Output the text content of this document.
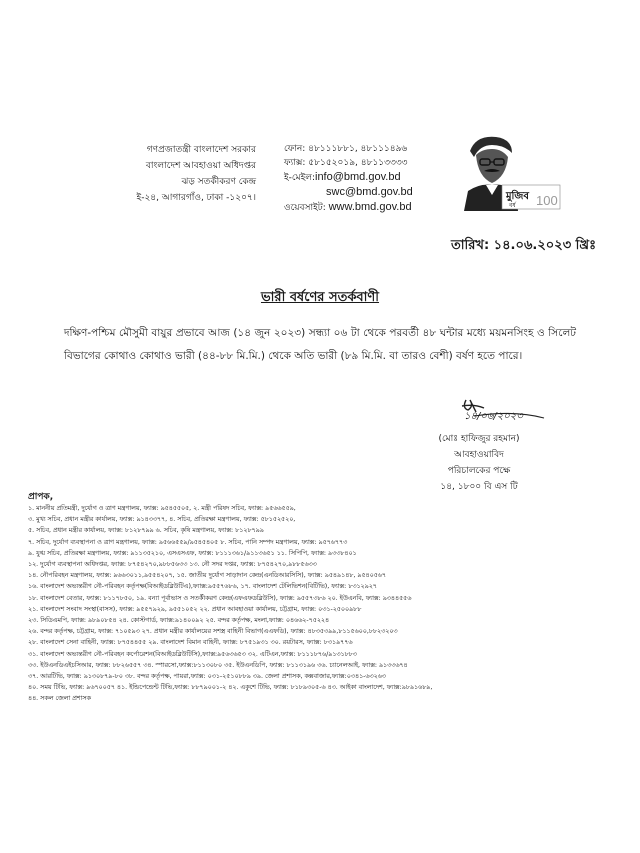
গণপ্রজাতন্ত্রী বাংলাদেশ সরকার
বাংলাদেশ আবহাওয়া অধিদপ্তর
ঝড় সতর্কীকরণ কেন্দ্র
ই-২৪, আগারগাঁও, ঢাকা -১২০৭।
ফোন: ৪৮১১১৮৮১, ৪৮১১১৪৯৬
ফ্যাক্স: ৫৮১৫২০১৯, ৪৮১১৩৩৩৩
ই-মেইল:info@bmd.gov.bd
swc@bmd.gov.bd
ওয়েবসাইট: www.bmd.gov.bd
মুজিব
বর্ষ 100
তারিখ: ১৪.০৬.২০২৩ খ্রিঃ
ভারী বর্ষণের সতর্কবাণী
দক্ষিণ-পশ্চিম মৌসুমী বায়ুর প্রভাবে আজ (১৪ জুন ২০২৩) সন্ধ্যা ০৬ টা থেকে পরবর্তী ৪৮ ঘন্টার মধ্যে ময়মনসিংহ ও সিলেট বিভাগের কোথাও কোথাও ভারী (৪৪-৮৮ মি.মি.) থেকে অতি ভারী (৮৯ মি.মি. বা তারও বেশী) বর্ষণ হতে পারে।
১৪/০৬/২০২৩
(মোঃ হাফিজুর রহমান)
আবহাওয়াবিদ
পরিচালকের পক্ষে
১৪, ১৮০০ বি এস টি
প্রাপক,
১. মাননীয় প্রতিমন্ত্রী, দুর্যোগ ও ত্রাণ মন্ত্রণালয়, ফ্যাক্স: ৯৫৪৫৫০৫, ২. মন্ত্রী পরিষদ সচিব, ফ্যাক্স: ৯৫৬৬৫৫৯,
৩. মুখ্য সচিব, প্রধান মন্ত্রীর কার্যালয়, ফ্যাক্স: ৯১৪৩৩৭৭, ৪. সচিব, প্রতিরক্ষা মন্ত্রণালয়, ফ্যাক্স: ৫৮১৫২৫২০,
৫. সচিব, প্রধান মন্ত্রীর কার্যালয়, ফ্যাক্স: ৮১২৮৭৯৯ ৬. সচিব, কৃষি মন্ত্রণালয়, ফ্যাক্স: ৮১২৮৭৯৯
৭. সচিব, দুর্যোগ ব্যবস্থাপনা ও ত্রাণ মন্ত্রণালয়, ফ্যাক্স: ৯৫৬৬৫৫৯/৯৫৪৫৪০৫ ৮. সচিব, পানি সম্পদ মন্ত্রণালয়, ফ্যাক্স: ৯৫৭৬৭৭৩
৯. যুগ্ম সচিব, প্রতিরক্ষা মন্ত্রণালয়, ফ্যাক্স: ৯১১৩৫২১০, এসএসএফ, ফ্যাক্স: ৮১১১৩৬১/৯১১৩৬৫১ ১১. সিপিপি, ফ্যাক্স: ৯৩৩৮৪০১
১২. দুর্যোগ ব্যবস্থাপনা অধিদপ্তর, ফ্যাক্স: ৮৭৫৪২৭০,৯৮৮৫৬৩৩ ১৩. নৌ সদর দপ্তর, ফ্যাক্স: ৮৭৫৪২৭০,৯৮৮৫৬৩৩
১৪. নৌপরিবহন মন্ত্রণালয়, ফ্যাক্স: ৯৬৬৩০১১,৯৫৫৪২০৭, ১৫. জাতীয় দুর্যোগ সাড়াদান কেন্দ্র(এনডিআরসিসি), ফ্যাক্স: ৯৫৪৯১৪৮, ৯৫৪০৫৬৭
১৬. বাংলাদেশ অভ্যন্তরীণ নৌ-পরিবহন কর্তৃপক্ষ(বিআইডব্লিউটিএ),ফ্যাক্স:৯৫৫৭৬৮৬, ১৭. বাংলাদেশ টেলিভিশন(বিটিভি), ফ্যাক্স: ৮৩১২৯২৭
১৮. বাংলাদেশ বেতার, ফ্যাক্স: ৮১১৭৮৫০, ১৯. বন্যা পূর্বাভাস ও সতর্কীকরণ কেন্দ্র(এফএফডব্লিউসি), ফ্যাক্স: ৯৫৫৭৩৮৬ ২০. ইউএনবি, ফ্যাক্স: ৯৩৪৪৫৫৬
২১. বাংলাদেশ সংবাদ সংস্থা(বাসস), ফ্যাক্স: ৯৫৫৭৯২৯, ৯৫৫১০৫২ ২২. প্রধান আবহাওয়া কার্যালয়, চট্টগ্রাম, ফ্যাক্স: ০৩১-২৫০০৯৮৮
২৩. সিডিএমপি, ফ্যাক্স: ৯৮৯০৮৫৪ ২৪. কোস্টগার্ড, ফ্যাক্স:৯১৪০০৯২ ২৫. বন্দর কর্তৃপক্ষ, মংলা,ফ্যাক্স: ০৪৬৬২-৭৫২২৪
২৬. বন্দর কর্তৃপক্ষ, চট্টগ্রাম, ফ্যাক্স: ৭১০৫৯৩ ২৭. প্রধান মন্ত্রীর কার্যালয়ের সশস্ত্র বাহিনী বিভাগ(এএফডি), ফ্যাক্স: ৪৮৩৫৩৯৯,৮১১৫৬০০,৮৮২৩২০৩
২৮. বাংলাদেশ সেনা বাহিনী, ফ্যাক্স: ৮৭৫৪৪৫৫ ২৯. বাংলাদেশ বিমান বাহিনী, ফ্যাক্স: ৮৭৫১৯৩১ ৩০. রয়টারস, ফ্যাক্স: ৮৩১৯৭৭৬
৩১. বাংলাদেশ অভ্যন্তরীণ নৌ-পরিবহন কর্পোরেশন(বিআইডব্লিউটিসি),ফ্যাক্স:৯৫৬৩৬৫৩ ৩২. এটিএন,ফ্যাক্স: ৮১১১৮৭৬/৯১৩১৮৮৩
৩৩. ইউএনডিএইচসিআর, ফ্যাক্স: ৮৮২৬৫৫৭ ৩৪. স্পারসো,ফ্যাক্স:৮১১৩০৮০ ৩৫. ইউএনডিপি, ফ্যাক্স: ৮১১৩১৯৬ ৩৬. চ্যানেলআই, ফ্যাক্স: ৯১৩৩৬৭৪
৩৭. আরটিভি, ফ্যাক্স: ৯১৩০৮৭৯-৮০ ৩৮. বন্দর কর্তৃপক্ষ, পায়রা,ফ্যাক্স: ০৩১-২৫১০৮৮৯ ৩৯. জেলা প্রশাসক, কক্সবাজার,ফ্যাক্স:০৩৪১-৬৩২৬৩
৪০. সময় টিভি, ফ্যাক্স: ৯৬৭০০৫৭ ৪১. ইন্ডিপেন্ডেন্ট টিভি,ফ্যাক্স: ৮৮৭৯০০১-২ ৪২. একুশে টিভি, ফ্যাক্স: ৮১৮৯৩০৫-৬ ৪৩. আইকা বাংলাদেশ, ফ্যাক্স:৯৮৯১৬৮৯,
৪৪. সকল জেলা প্রশাসক
